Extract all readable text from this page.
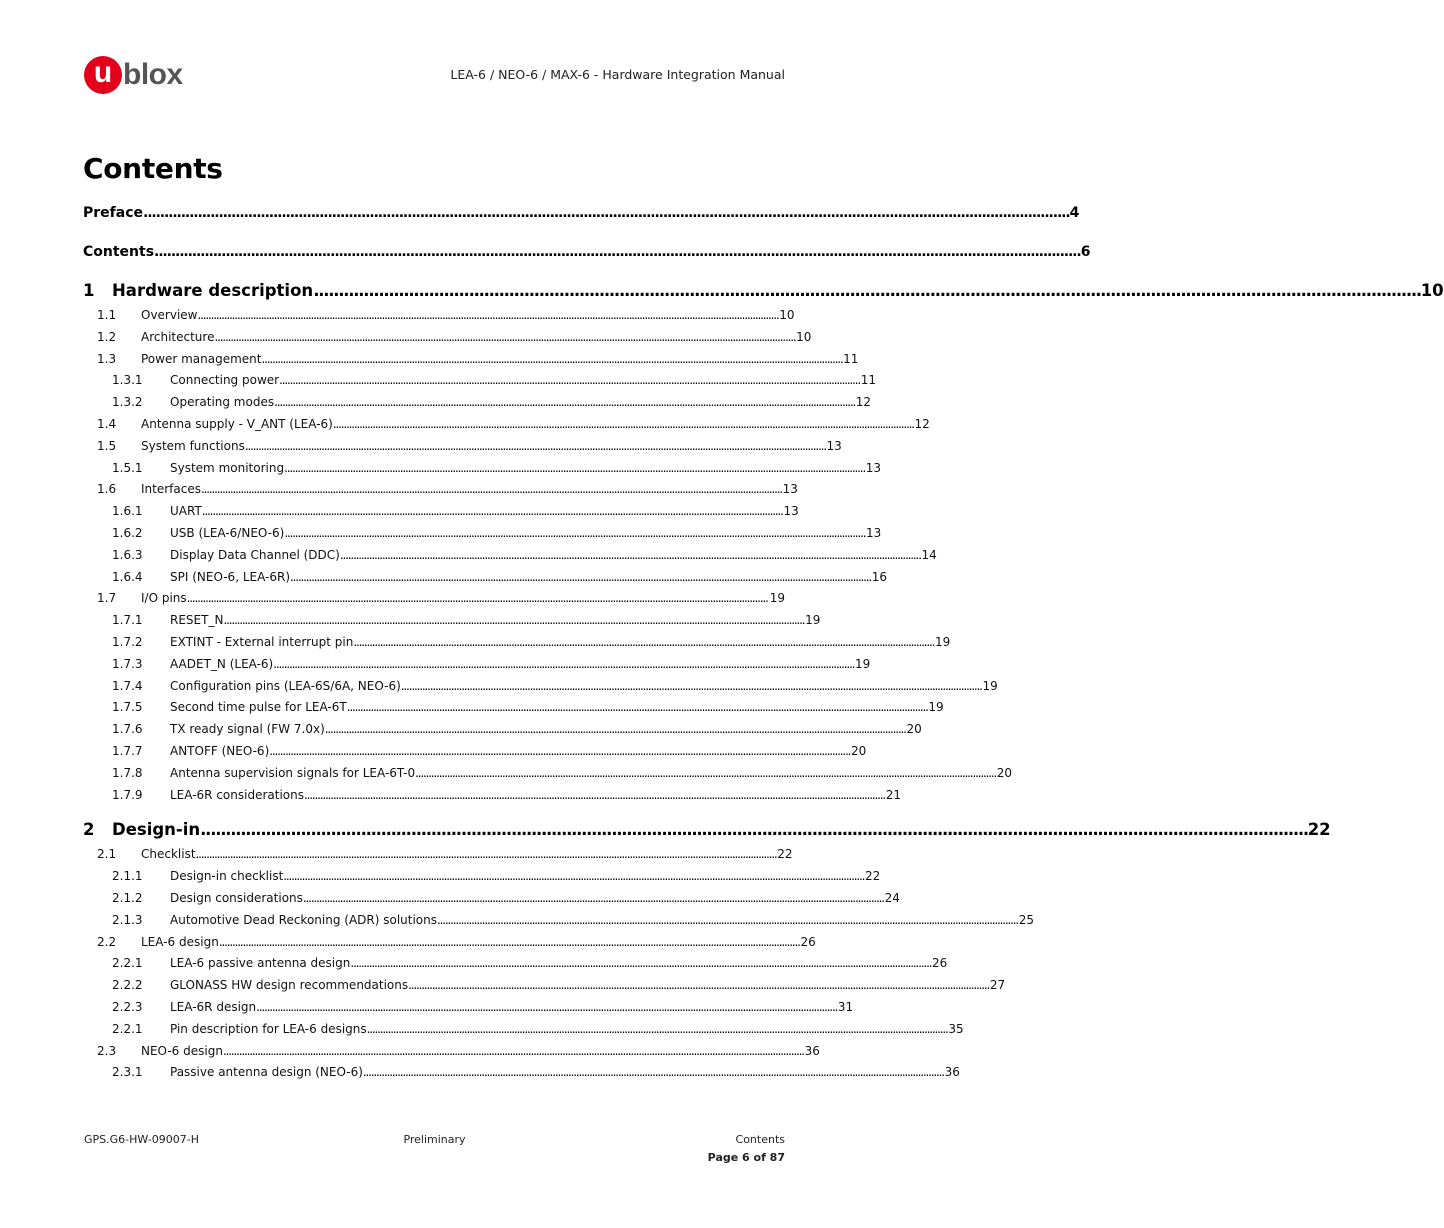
u blox	LEA-6 / NEO-6 / MAX-6 - Hardware Integration Manual
Contents
Preface . . .	4
Contents . . .	6
1	Hardware description . . .	10
1.1	Overview . . .	10
1.2	Architecture . . .	10
1.3	Power management . . .	11
1.3.1	Connecting power . . .	11
1.3.2	Operating modes . . .	12
1.4	Antenna supply - V_ANT (LEA-6) . . .	12
1.5	System functions . . .	13
1.5.1	System monitoring . . .	13
1.6	Interfaces . . .	13
1.6.1	UART . . .	13
1.6.2	USB (LEA-6/NEO-6) . . .	13
1.6.3	Display Data Channel (DDC) . . .	14
1.6.4	SPI (NEO-6, LEA-6R) . . .	16
1.7	I/O pins . . .	19
1.7.1	RESET_N . . .	19
1.7.2	EXTINT - External interrupt pin . . .	19
1.7.3	AADET_N (LEA-6) . . .	19
1.7.4	Configuration pins (LEA-6S/6A, NEO-6) . . .	19
1.7.5	Second time pulse for LEA-6T . . .	19
1.7.6	TX ready signal (FW 7.0x) . . .	20
1.7.7	ANTOFF (NEO-6) . . .	20
1.7.8	Antenna supervision signals for LEA-6T-0 . . .	20
1.7.9	LEA-6R considerations . . .	21
2	Design-in . . .	22
2.1	Checklist . . .	22
2.1.1	Design-in checklist . . .	22
2.1.2	Design considerations . . .	24
2.1.3	Automotive Dead Reckoning (ADR) solutions . . .	25
2.2	LEA-6 design . . .	26
2.2.1	LEA-6 passive antenna design . . .	26
2.2.2	GLONASS HW design recommendations . . .	27
2.2.3	LEA-6R design . . .	31
2.2.1	Pin description for LEA-6 designs . . .	35
2.3	NEO-6 design . . .	36
2.3.1	Passive antenna design (NEO-6) . . .	36
GPS.G6-HW-09007-H	Preliminary	Contents
Page 6 of 87
